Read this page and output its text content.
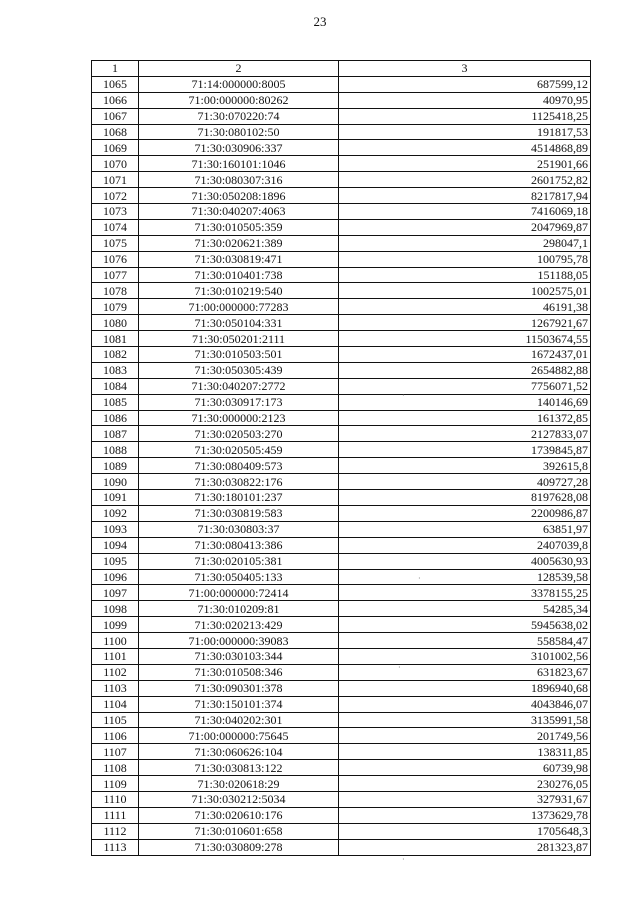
23
1	2	3
1065	71:14:000000:8005	687599,12
1066	71:00:000000:80262	40970,95
1067	71:30:070220:74	1125418,25
1068	71:30:080102:50	191817,53
1069	71:30:030906:337	4514868,89
1070	71:30:160101:1046	251901,66
1071	71:30:080307:316	2601752,82
1072	71:30:050208:1896	8217817,94
1073	71:30:040207:4063	7416069,18
1074	71:30:010505:359	2047969,87
1075	71:30:020621:389	298047,1
1076	71:30:030819:471	100795,78
1077	71:30:010401:738	151188,05
1078	71:30:010219:540	1002575,01
1079	71:00:000000:77283	46191,38
1080	71:30:050104:331	1267921,67
1081	71:30:050201:2111	11503674,55
1082	71:30:010503:501	1672437,01
1083	71:30:050305:439	2654882,88
1084	71:30:040207:2772	7756071,52
1085	71:30:030917:173	140146,69
1086	71:30:000000:2123	161372,85
1087	71:30:020503:270	2127833,07
1088	71:30:020505:459	1739845,87
1089	71:30:080409:573	392615,8
1090	71:30:030822:176	409727,28
1091	71:30:180101:237	8197628,08
1092	71:30:030819:583	2200986,87
1093	71:30:030803:37	63851,97
1094	71:30:080413:386	2407039,8
1095	71:30:020105:381	4005630,93
1096	71:30:050405:133	128539,58
1097	71:00:000000:72414	3378155,25
1098	71:30:010209:81	54285,34
1099	71:30:020213:429	5945638,02
1100	71:00:000000:39083	558584,47
1101	71:30:030103:344	3101002,56
1102	71:30:010508:346	631823,67
1103	71:30:090301:378	1896940,68
1104	71:30:150101:374	4043846,07
1105	71:30:040202:301	3135991,58
1106	71:00:000000:75645	201749,56
1107	71:30:060626:104	138311,85
1108	71:30:030813:122	60739,98
1109	71:30:020618:29	230276,05
1110	71:30:030212:5034	327931,67
1111	71:30:020610:176	1373629,78
1112	71:30:010601:658	1705648,3
1113	71:30:030809:278	281323,87
·
·
·
·
